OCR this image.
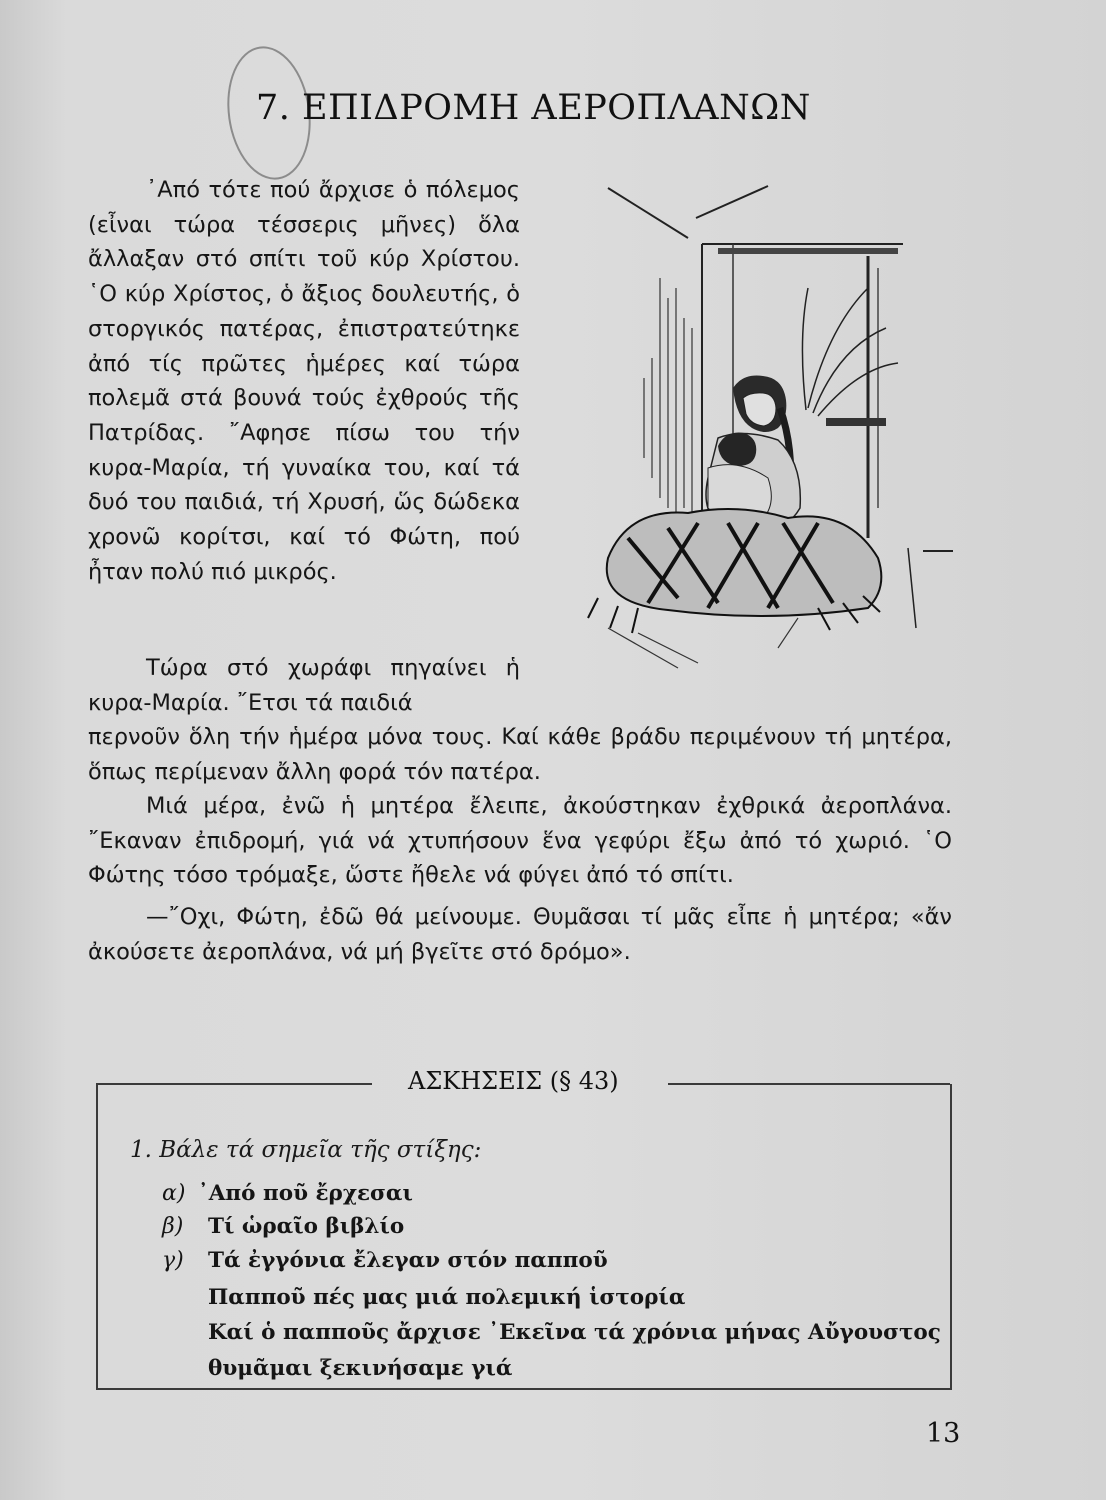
7. ΕΠΙΔΡΟΜΗ ΑΕΡΟΠΛΑΝΩΝ

᾿Από τότε πού ἄρχισε ὁ πόλεμος (εἶναι τώρα τέσσερις μῆνες) ὅλα ἄλλαξαν στό σπίτι τοῦ κύρ Χρίστου. ῾Ο κύρ Χρίστος, ὁ ἄξιος δουλευτής, ὁ στοργικός πατέρας, ἐπιστρατεύτηκε ἀπό τίς πρῶτες ἡμέρες καί τώρα πολεμᾶ στά βουνά τούς ἐχθρούς τῆς Πατρίδας. ῎Αφησε πίσω του τήν κυρα-Μαρία, τή γυναίκα του, καί τά δυό του παιδιά, τή Χρυσή, ὥς δώδεκα χρονῶ κορίτσι, καί τό Φώτη, πού ἦταν πολύ πιό μικρός.

Τώρα στό χωράφι πηγαίνει ἡ κυρα-Μαρία. ῎Ετσι τά παιδιά

περνοῦν ὅλη τήν ἡμέρα μόνα τους. Καί κάθε βράδυ περιμένουν τή μητέρα, ὅπως περίμεναν ἄλλη φορά τόν πατέρα.

Μιά μέρα, ἐνῶ ἡ μητέρα ἔλειπε, ἀκούστηκαν ἐχθρικά ἀεροπλάνα. ῎Εκαναν ἐπιδρομή, γιά νά χτυπήσουν ἕνα γεφύρι ἔξω ἀπό τό χωριό. ῾Ο Φώτης τόσο τρόμαξε, ὥστε ἤθελε νά φύγει ἀπό τό σπίτι.

—῎Οχι, Φώτη, ἐδῶ θά μείνουμε. Θυμᾶσαι τί μᾶς εἶπε ἡ μητέρα; «ἄν ἀκούσετε ἀεροπλάνα, νά μή βγεῖτε στό δρόμο».

ΑΣΚΗΣΕΙΣ (§ 43)
1. Βάλε τά σημεῖα τῆς στίξης:
α) ᾿Από ποῦ ἔρχεσαι
β) Τί ὡραῖο βιβλίο
γ) Τά ἐγγόνια ἔλεγαν στόν παπποῦ
Παπποῦ πές μας μιά πολεμική ἱστορία
Καί ὁ παπποῦς ἄρχισε ᾿Εκεῖνα τά χρόνια μήνας Αὔγουστος
θυμᾶμαι ξεκινήσαμε γιά
13
